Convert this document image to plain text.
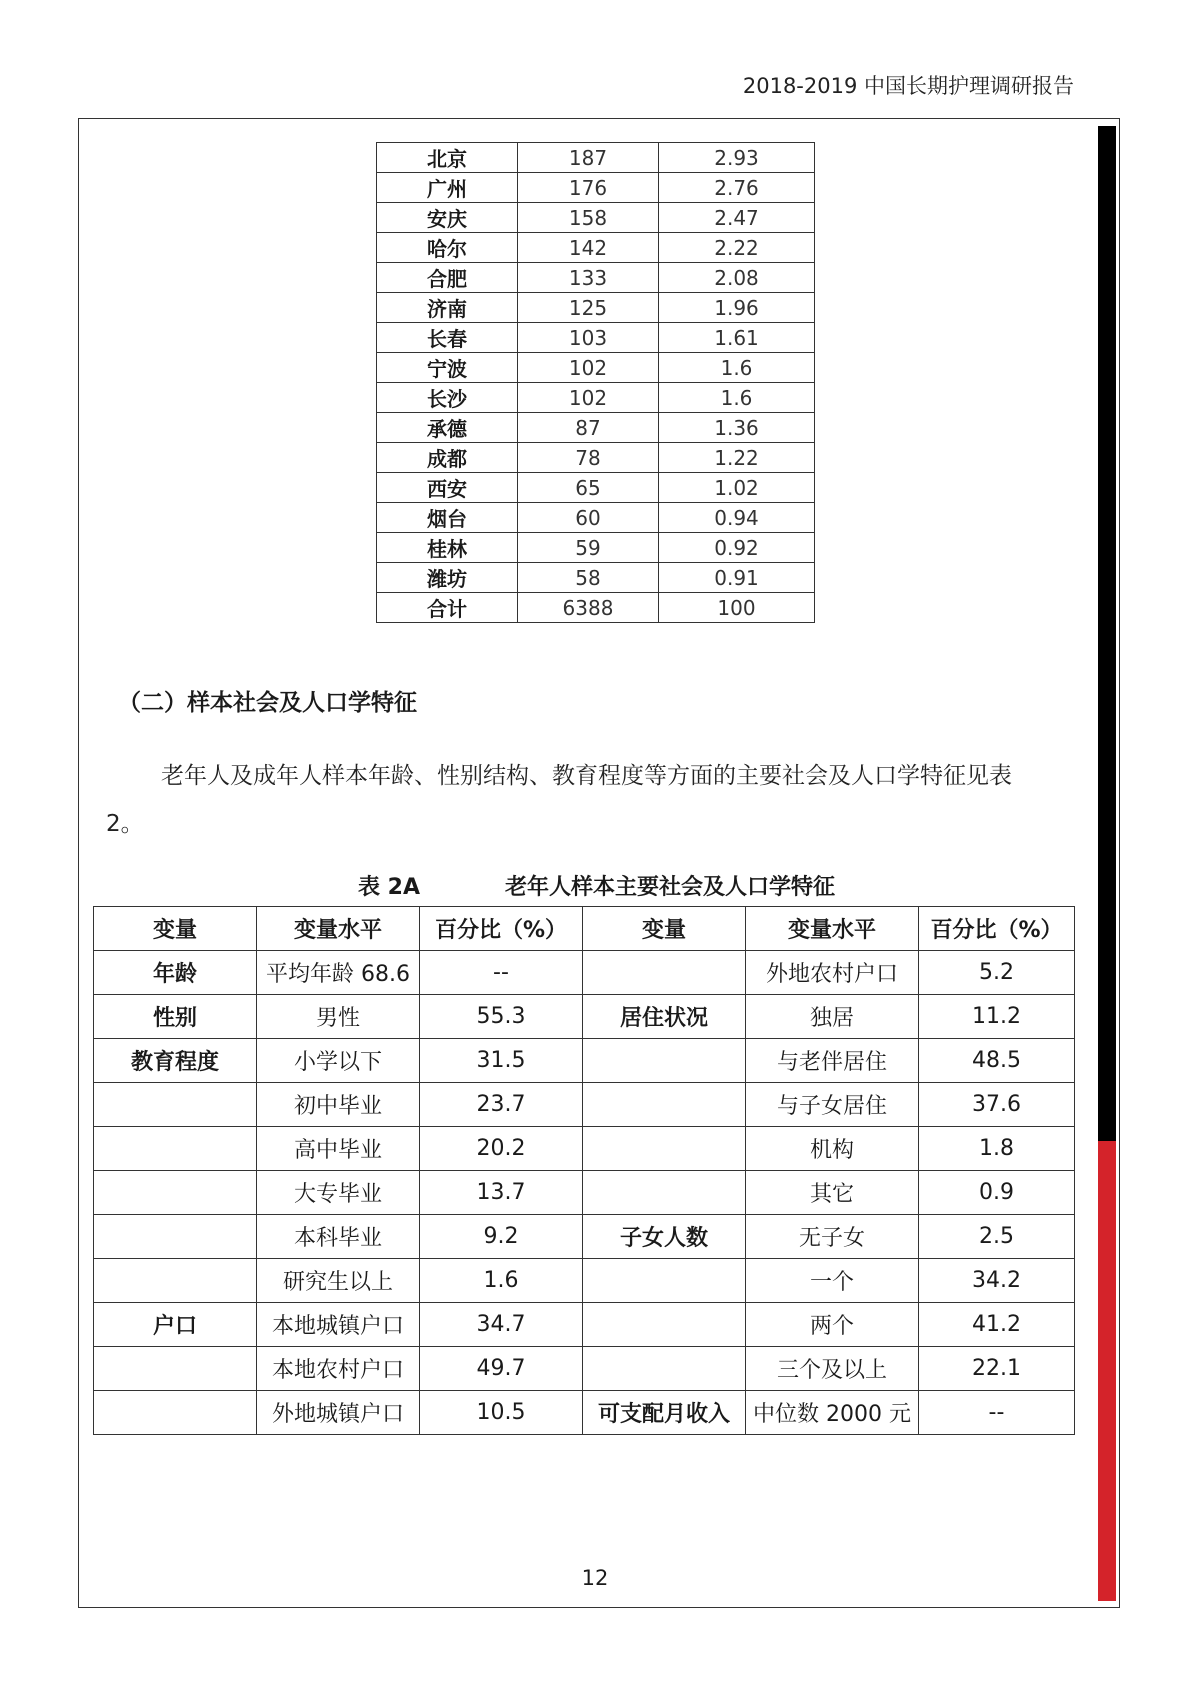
2018-2019 中国长期护理调研报告
北京	187	2.93
广州	176	2.76
安庆	158	2.47
哈尔	142	2.22
合肥	133	2.08
济南	125	1.96
长春	103	1.61
宁波	102	1.6
长沙	102	1.6
承德	87	1.36
成都	78	1.22
西安	65	1.02
烟台	60	0.94
桂林	59	0.92
潍坊	58	0.91
合计	6388	100
（二）样本社会及人口学特征
老年人及成年人样本年龄、性别结构、教育程度等方面的主要社会及人口学特征见表 2。
表 2A	老年人样本主要社会及人口学特征
变量	变量水平	百分比（%）	变量	变量水平	百分比（%）
年龄	平均年龄 68.6	--		外地农村户口	5.2
性别	男性	55.3	居住状况	独居	11.2
教育程度	小学以下	31.5		与老伴居住	48.5
	初中毕业	23.7		与子女居住	37.6
	高中毕业	20.2		机构	1.8
	大专毕业	13.7		其它	0.9
	本科毕业	9.2	子女人数	无子女	2.5
	研究生以上	1.6		一个	34.2
户口	本地城镇户口	34.7		两个	41.2
	本地农村户口	49.7		三个及以上	22.1
	外地城镇户口	10.5	可支配月收入	中位数 2000 元	--
12
